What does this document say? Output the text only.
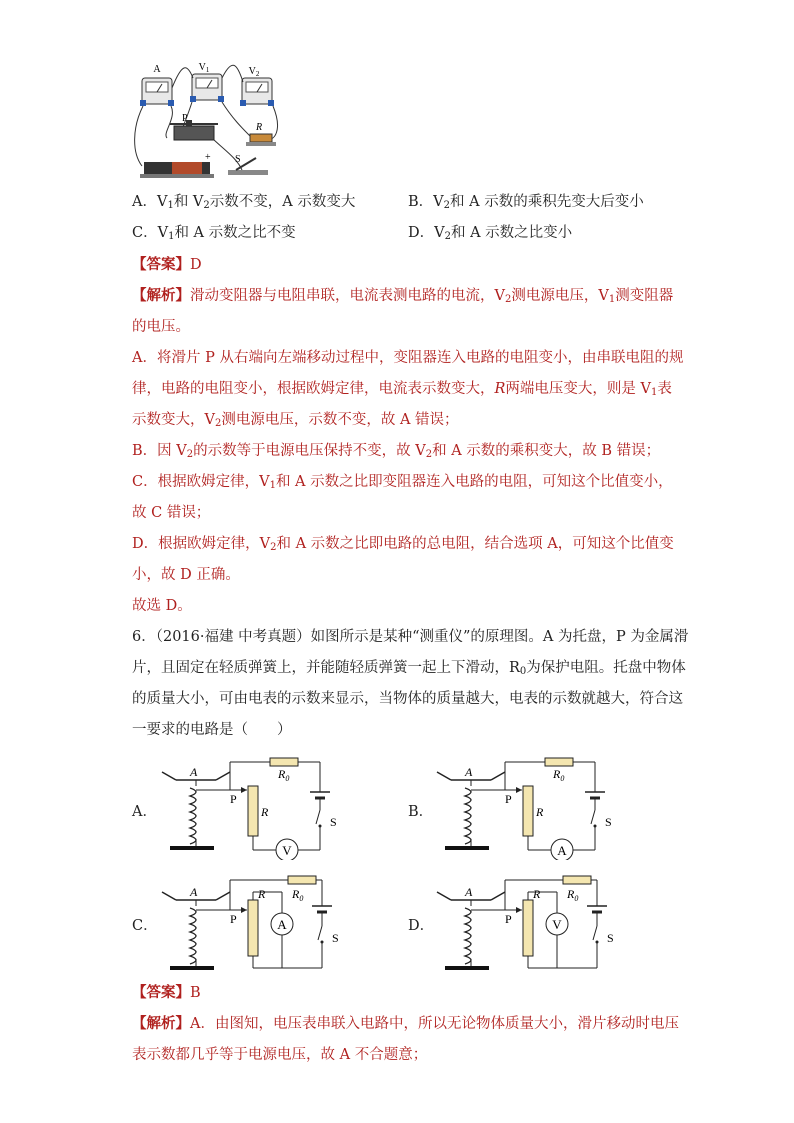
A	$V_1$	$V_2$
P
R
+ S
A．$V_1$和 $V_2$示数不变，A 示数变大	B．$V_2$和 A 示数的乘积先变大后变小
C．$V_1$和 A 示数之比不变	D．$V_2$和 A 示数之比变小
【答案】D
【解析】滑动变阻器与电阻串联，电流表测电路的电流，$V_2$测电源电压，$V_1$测变阻器
的电压。
A．将滑片 P 从右端向左端移动过程中，变阻器连入电路的电阻变小，由串联电阻的规
律，电路的电阻变小，根据欧姆定律，电流表示数变大，R两端电压变大，则是 $V_1$表
示数变大，$V_2$测电源电压，示数不变，故 A 错误；
B．因 $V_2$的示数等于电源电压保持不变，故 $V_2$和 A 示数的乘积变大，故 B 错误；
C．根据欧姆定律，$V_1$和 A 示数之比即变阻器连入电路的电阻，可知这个比值变小，
故 C 错误；
D．根据欧姆定律，$V_2$和 A 示数之比即电路的总电阻，结合选项 A，可知这个比值变
小，故 D 正确。
故选 D。
6．（2016·福建 中考真题）如图所示是某种“测重仪”的原理图。A 为托盘，P 为金属滑
片，且固定在轻质弹簧上，并能随轻质弹簧一起上下滑动，$R_0$为保护电阻。托盘中物体
的质量大小，可由电表的示数来显示，当物体的质量越大，电表的示数就越大，符合这
一要求的电路是（　　）
A．	B．
C．	D．
A
P
R
$R_0$
S
V
A
P
R
$R_0$
S
A
A
P
R $R_0$
S
A
A
P
R $R_0$
S
V
【答案】B
【解析】A．由图知，电压表串联入电路中，所以无论物体质量大小，滑片移动时电压
表示数都几乎等于电源电压，故 A 不合题意；
